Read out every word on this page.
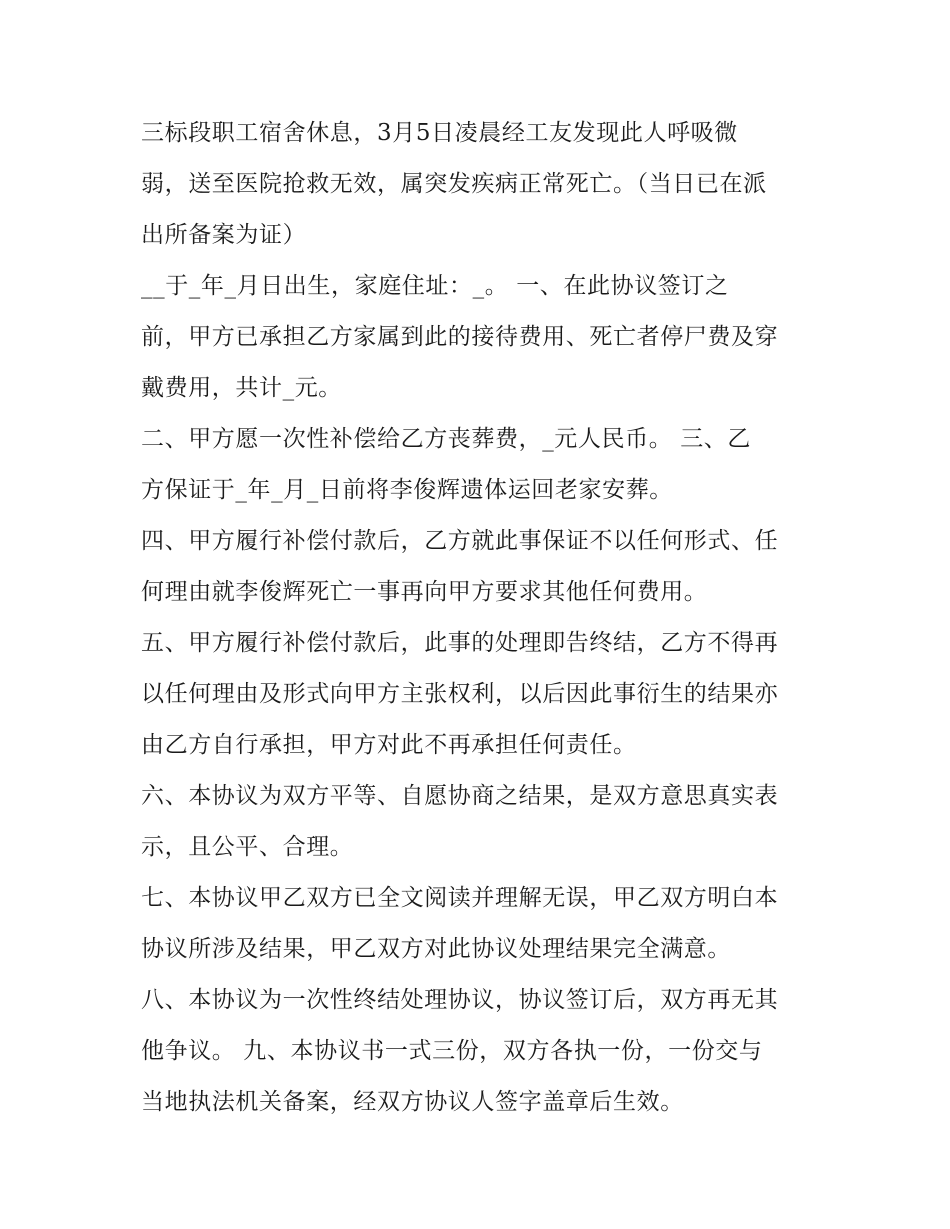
三标段职工宿舍休息，3月5日凌晨经工友发现此人呼吸微
弱，送至医院抢救无效，属突发疾病正常死亡。（当日已在派
出所备案为证）
__于_年_月日出生，家庭住址：_。 一、在此协议签订之
前，甲方已承担乙方家属到此的接待费用、死亡者停尸费及穿
戴费用，共计_元。
二、甲方愿一次性补偿给乙方丧葬费，_元人民币。 三、乙
方保证于_年_月_日前将李俊辉遗体运回老家安葬。
四、甲方履行补偿付款后，乙方就此事保证不以任何形式、任
何理由就李俊辉死亡一事再向甲方要求其他任何费用。
五、甲方履行补偿付款后，此事的处理即告终结，乙方不得再
以任何理由及形式向甲方主张权利，以后因此事衍生的结果亦
由乙方自行承担，甲方对此不再承担任何责任。
六、本协议为双方平等、自愿协商之结果，是双方意思真实表
示，且公平、合理。
七、本协议甲乙双方已全文阅读并理解无误，甲乙双方明白本
协议所涉及结果，甲乙双方对此协议处理结果完全满意。
八、本协议为一次性终结处理协议，协议签订后，双方再无其
他争议。 九、本协议书一式三份，双方各执一份，一份交与
当地执法机关备案，经双方协议人签字盖章后生效。
